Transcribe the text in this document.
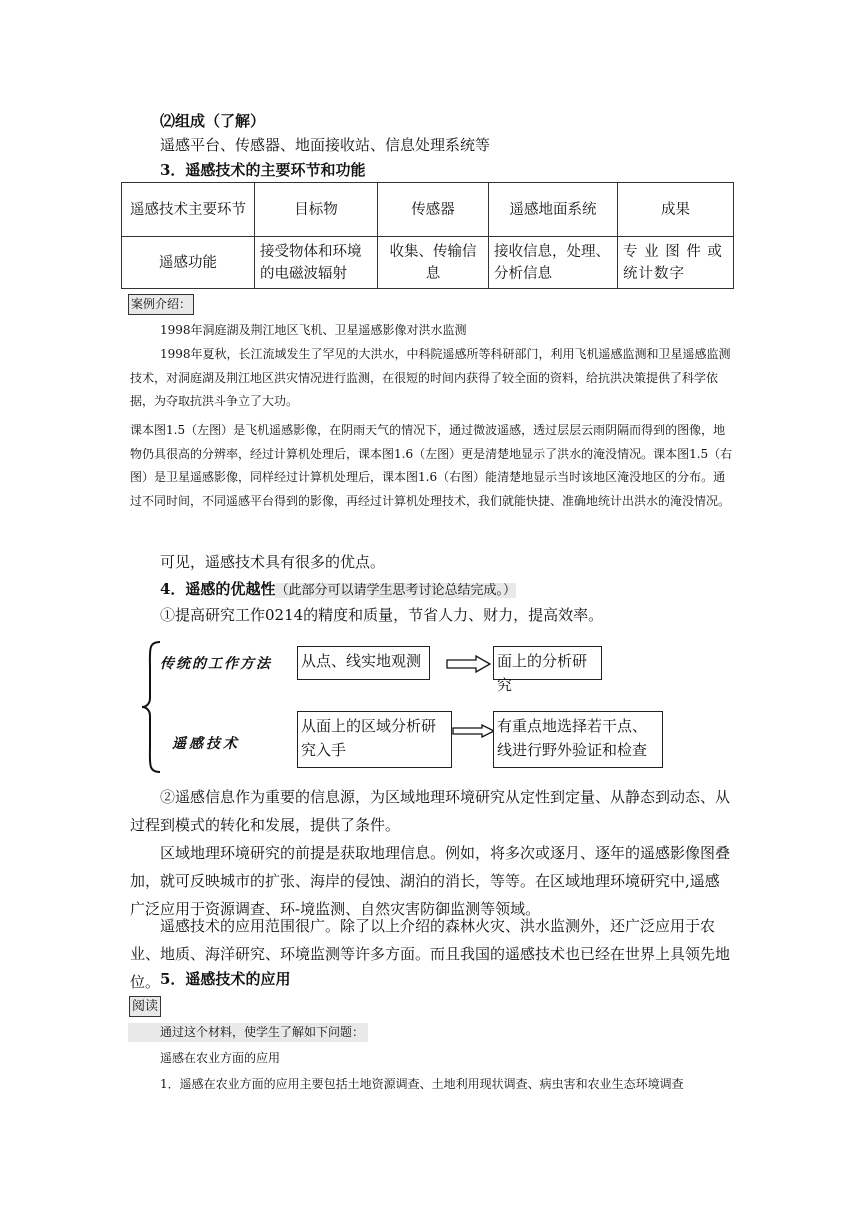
⑵组成（了解）
遥感平台、传感器、地面接收站、信息处理系统等
3．遥感技术的主要环节和功能
遥感技术主要环节	目标物	传感器	遥感地面系统	成果
遥感功能	接受物体和环境的电磁波辐射	收集、传输信息	接收信息，处理、分析信息	专 业 图 件 或统计数字
案例介绍：
1998年洞庭湖及荆江地区飞机、卫星遥感影像对洪水监测
1998年夏秋，长江流域发生了罕见的大洪水，中科院遥感所等科研部门，利用飞机遥感监测和卫星遥感监测技术，对洞庭湖及荆江地区洪灾情况进行监测，在很短的时间内获得了较全面的资料，给抗洪决策提供了科学依据，为夺取抗洪斗争立了大功。
课本图1.5（左图）是飞机遥感影像，在阴雨天气的情况下，通过微波遥感，透过层层云雨阴隔而得到的图像，地物仍具很高的分辨率，经过计算机处理后，课本图1.6（左图）更是清楚地显示了洪水的淹没情况。课本图1.5（右图）是卫星遥感影像，同样经过计算机处理后，课本图1.6（右图）能清楚地显示当时该地区淹没地区的分布。通过不同时间，不同遥感平台得到的影像，再经过计算机处理技术，我们就能快捷、准确地统计出洪水的淹没情况。
可见，遥感技术具有很多的优点。
4．遥感的优越性（此部分可以请学生思考讨论总结完成。）
①提高研究工作0214的精度和质量，节省人力、财力，提高效率。
传统的工作方法
遥感技术
从点、线实地观测	面上的分析研究
从面上的区域分析研究入手
有重点地选择若干点、线进行野外验证和检查
②遥感信息作为重要的信息源，为区域地理环境研究从定性到定量、从静态到动态、从过程到模式的转化和发展，提供了条件。
区域地理环境研究的前提是获取地理信息。例如，将多次或逐月、逐年的遥感影像图叠加，就可反映城市的扩张、海岸的侵蚀、湖泊的消长，等等。在区域地理环境研究中,遥感广泛应用于资源调查、环-境监测、自然灾害防御监测等领域。
遥感技术的应用范围很广。除了以上介绍的森林火灾、洪水监测外，还广泛应用于农业、地质、海洋研究、环境监测等许多方面。而且我国的遥感技术也已经在世界上具领先地位。 5．遥感技术的应用
阅读
通过这个材料，使学生了解如下问题：
遥感在农业方面的应用
1．遥感在农业方面的应用主要包括土地资源调查、土地利用现状调查、病虫害和农业生态环境调查
